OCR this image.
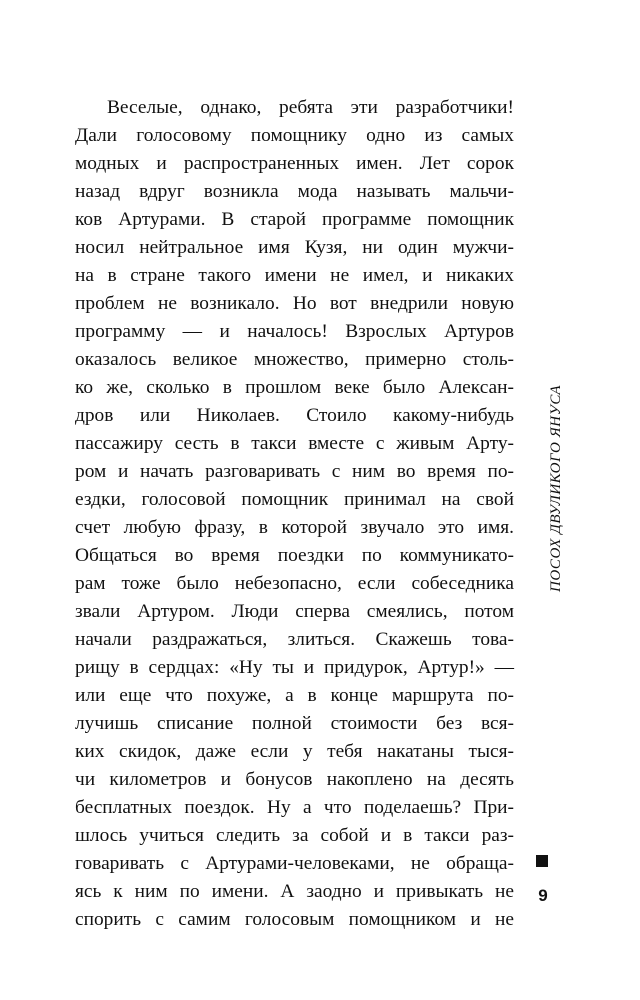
Веселые, однако, ребята эти разработчики!
Дали голосовому помощнику одно из самых
модных и распространенных имен. Лет сорок
назад вдруг возникла мода называть мальчи-
ков Артурами. В старой программе помощник
носил нейтральное имя Кузя, ни один мужчи-
на в стране такого имени не имел, и никаких
проблем не возникало. Но вот внедрили новую
программу — и началось! Взрослых Артуров
оказалось великое множество, примерно столь-
ко же, сколько в прошлом веке было Алексан-
дров или Николаев. Стоило какому-нибудь
пассажиру сесть в такси вместе с живым Арту-
ром и начать разговаривать с ним во время по-
ездки, голосовой помощник принимал на свой
счет любую фразу, в которой звучало это имя.
Общаться во время поездки по коммуникато-
рам тоже было небезопасно, если собеседника
звали Артуром. Люди сперва смеялись, потом
начали раздражаться, злиться. Скажешь това-
рищу в сердцах: «Ну ты и придурок, Артур!» —
или еще что похуже, а в конце маршрута по-
лучишь списание полной стоимости без вся-
ких скидок, даже если у тебя накатаны тыся-
чи километров и бонусов накоплено на десять
бесплатных поездок. Ну а что поделаешь? При-
шлось учиться следить за собой и в такси раз-
говаривать с Артурами-человеками, не обраща-
ясь к ним по имени. А заодно и привыкать не
спорить с самим голосовым помощником и не
ПОСОХ ДВУЛИКОГО ЯНУСА
9
